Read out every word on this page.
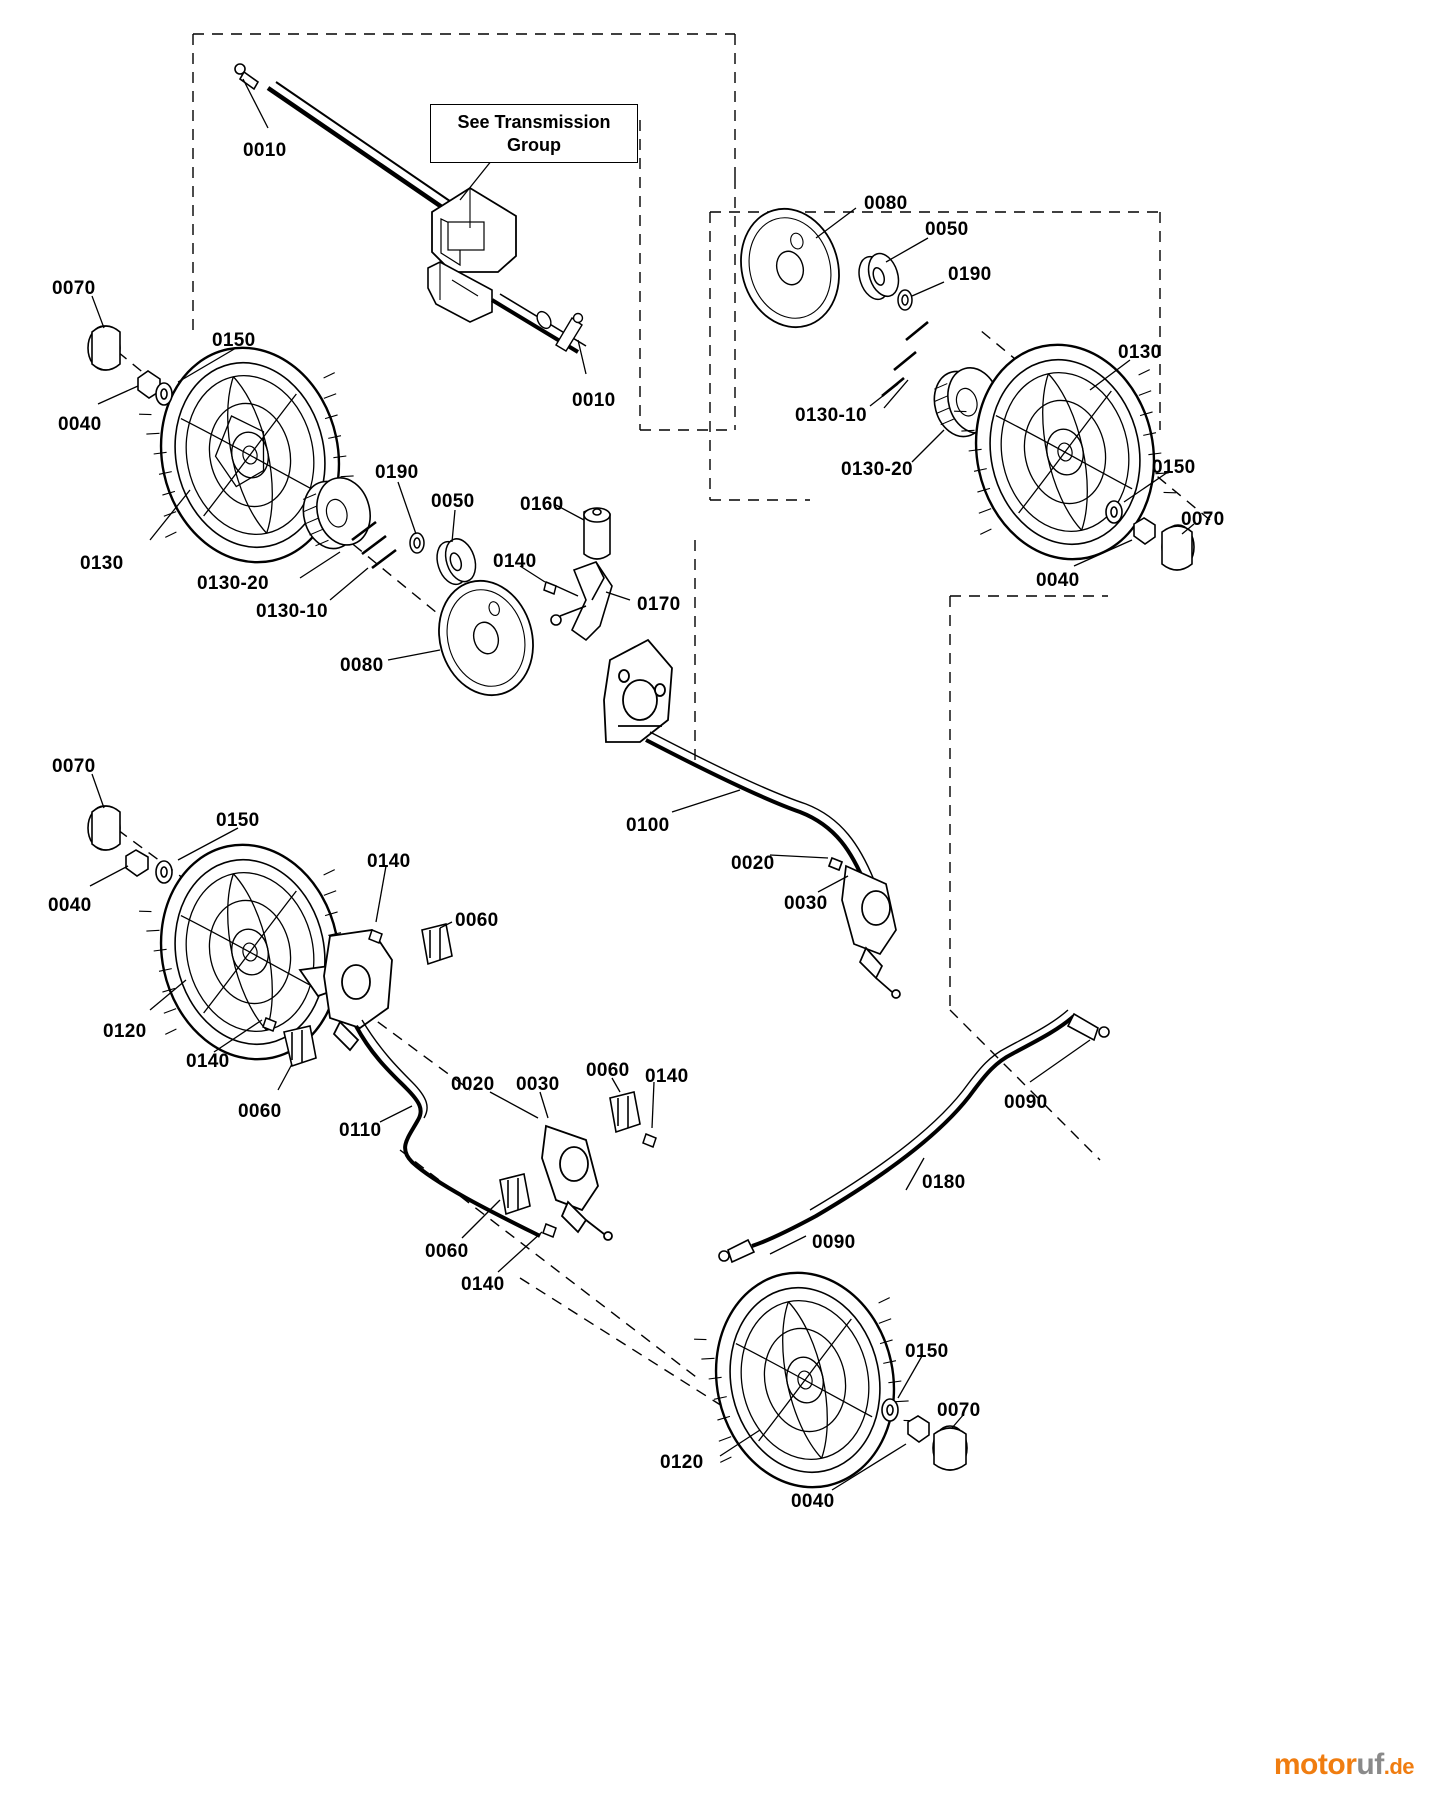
See Transmission
Group
0010
0010
0070
0040
0150
0130
0130-20
0130-10
0190
0050 0160
0140
0170
0080
0080
0050
0190
0130
0130-10
0130-20	0150
0070
0040
0100
0020
0030
0070
0150
0040
0140
0060
0120
0140
0060
0110
0020 0030
0060 0140
0060
0140
0090
0180
0090
0150
0070
0120
0040
motoruf.de
